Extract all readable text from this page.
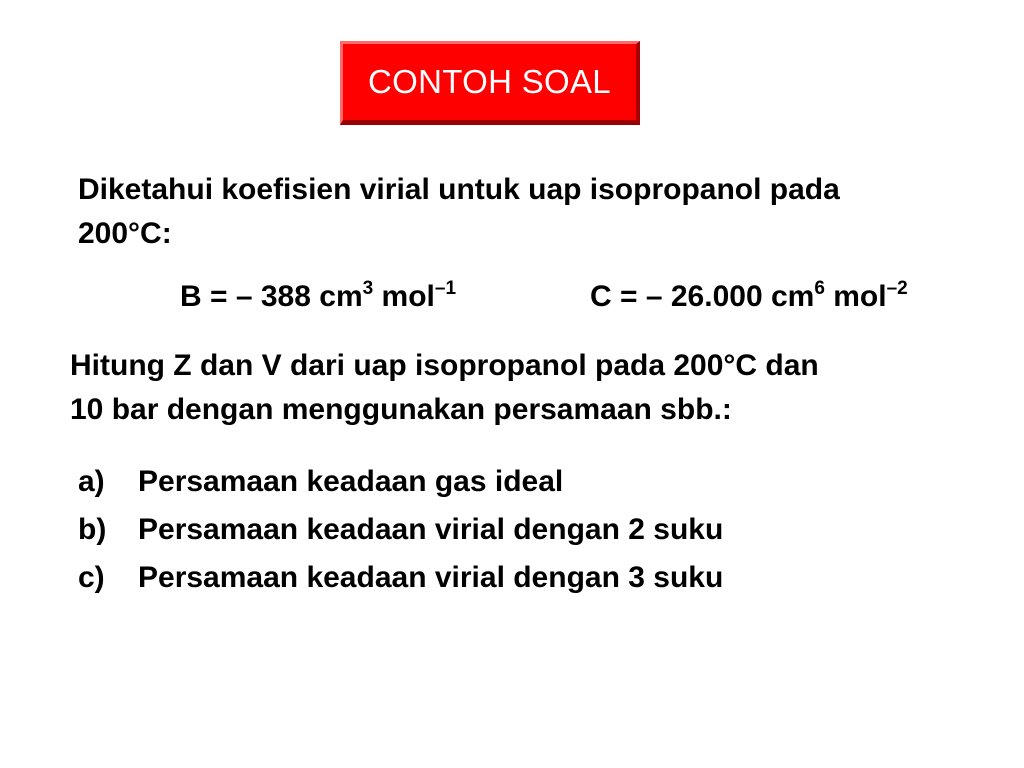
CONTOH SOAL
Diketahui koefisien virial untuk uap isopropanol pada
200°C:
B = – 388 $cm^3$ mol$^{-1}$	C = – 26.000 $cm^6$ mol$^{-2}$
Hitung Z dan V dari uap isopropanol pada 200°C dan
10 bar dengan menggunakan persamaan sbb.:
a)	Persamaan keadaan gas ideal
b)	Persamaan keadaan virial dengan 2 suku
c)	Persamaan keadaan virial dengan 3 suku
